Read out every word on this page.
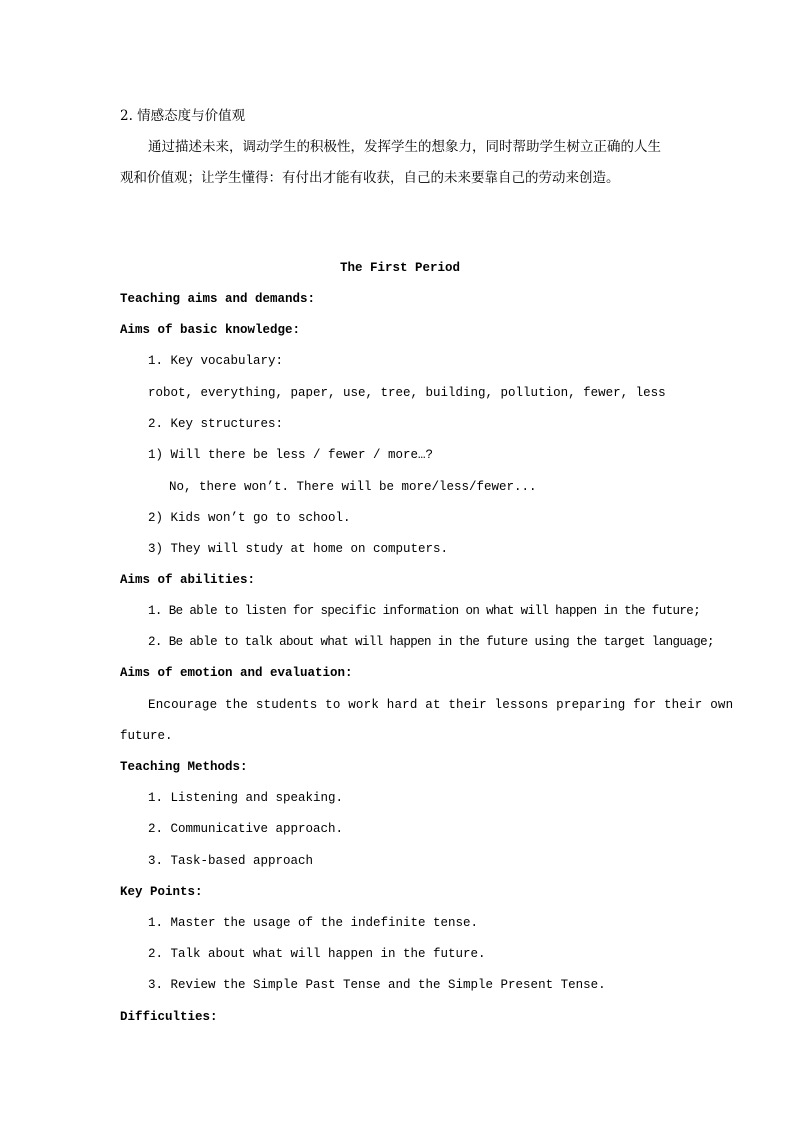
2. 情感态度与价值观
通过描述未来，调动学生的积极性，发挥学生的想象力，同时帮助学生树立正确的人生
观和价值观；让学生懂得：有付出才能有收获，自己的未来要靠自己的劳动来创造。
The First Period
Teaching aims and demands:
Aims of basic knowledge:
1. Key vocabulary:
robot, everything, paper, use, tree, building, pollution, fewer, less
2. Key structures:
1) Will there be less / fewer / more…?
No, there won’t. There will be more/less/fewer...
2) Kids won’t go to school.
3) They will study at home on computers.
Aims of abilities:
1. Be able to listen for specific information on what will happen in the future;
2. Be able to talk about what will happen in the future using the target language;
Aims of emotion and evaluation:
Encourage the students to work hard at their lessons preparing for their own
future.
Teaching Methods:
1. Listening and speaking.
2. Communicative approach.
3. Task-based approach
Key Points:
1. Master the usage of the indefinite tense.
2. Talk about what will happen in the future.
3. Review the Simple Past Tense and the Simple Present Tense.
Difficulties:
